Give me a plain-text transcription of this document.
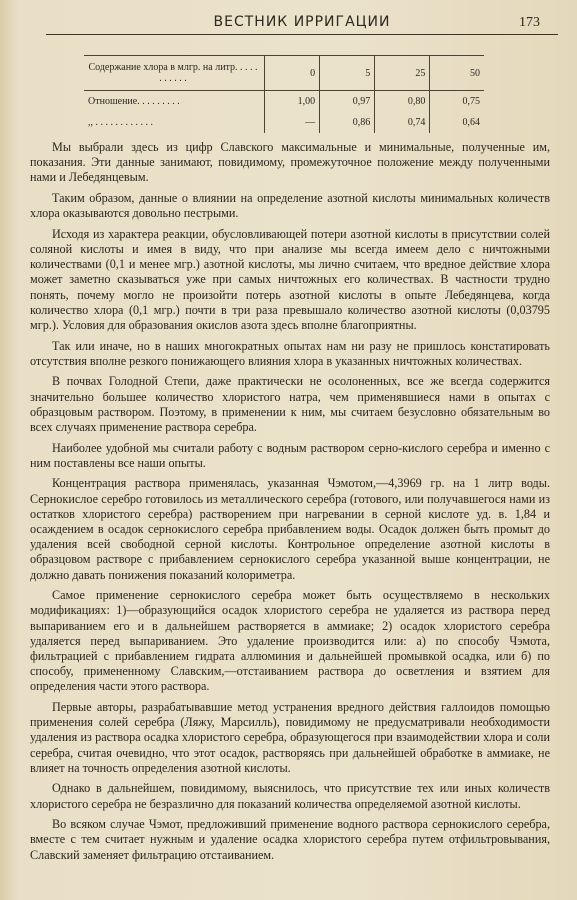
ВЕСТНИК ИРРИГАЦИИ	173
Содержание хлора в млгр. на литр. . . . . . . . . . .	0	5	25	50
Отношение. . . . . . . . .	1,00	0,97	0,80	0,75
,, . . . . . . . . . . . .	—	0,86	0,74	0,64

Мы выбрали здесь из цифр Славского максимальные и минимальные, полученные им, показания. Эти данные занимают, повидимому, промежуточное положение между полученными нами и Лебедянцевым.

Таким образом, данные о влиянии на определение азотной кислоты минимальных количеств хлора оказываются довольно пестрыми.

Исходя из характера реакции, обусловливающей потери азотной кислоты в присутствии солей соляной кислоты и имея в виду, что при анализе мы всегда имеем дело с ничтожными количествами (0,1 и менее мгр.) азотной кислоты, мы лично считаем, что вредное действие хлора может заметно сказываться уже при самых ничтожных его количествах. В частности трудно понять, почему могло не произойти потерь азотной кислоты в опыте Лебедянцева, когда количество хлора (0,1 мгр.) почти в три раза превышало количество азотной кислоты (0,03795 мгр.). Условия для образования окислов азота здесь вполне благоприятны.

Так или иначе, но в наших многократных опытах нам ни разу не пришлось констатировать отсутствия вполне резкого понижающего влияния хлора в указанных ничтожных количествах.

В почвах Голодной Степи, даже практически не осолоненных, все же всегда содержится значительно большее количество хлористого натра, чем применявшиеся нами в опытах с образцовым раствором. Поэтому, в применении к ним, мы считаем безусловно обязательным во всех случаях применение раствора серебра.

Наиболее удобной мы считали работу с водным раствором серно-кислого серебра и именно с ним поставлены все наши опыты.

Концентрация раствора применялась, указанная Чэмотом,—4,3969 гр. на 1 литр воды. Сернокислое серебро готовилось из металлического серебра (готового, или получавшегося нами из остатков хлористого серебра) растворением при нагревании в серной кислоте уд. в. 1,84 и осаждением в осадок сернокислого серебра прибавлением воды. Осадок должен быть промыт до удаления всей свободной серной кислоты. Контрольное определение азотной кислоты в образцовом растворе с прибавлением сернокислого серебра указанной выше концентрации, не должно давать понижения показаний колориметра.

Самое применение сернокислого серебра может быть осуществляемо в нескольких модификациях: 1)—образующийся осадок хлористого серебра не удаляется из раствора перед выпариванием его и в дальнейшем растворяется в аммиаке; 2) осадок хлористого серебра удаляется перед выпариванием. Это удаление производится или: а) по способу Чэмота, фильтрацией с прибавлением гидрата аллюминия и дальнейшей промывкой осадка, или б) по способу, примененному Славским,—отстаиванием раствора до осветления и взятием для определения части этого раствора.

Первые авторы, разрабатывавшие метод устранения вредного действия галлоидов помощью применения солей серебра (Ляжу, Марсилль), повидимому не предусматривали необходимости удаления из раствора осадка хлористого серебра, образующегося при взаимодействии хлора и соли серебра, считая очевидно, что этот осадок, растворяясь при дальнейшей обработке в аммиаке, не влияет на точность определения азотной кислоты.

Однако в дальнейшем, повидимому, выяснилось, что присутствие тех или иных количеств хлористого серебра не безразлично для показаний количества определяемой азотной кислоты.

Во всяком случае Чэмот, предложивший применение водного раствора сернокислого серебра, вместе с тем считает нужным и удаление осадка хлористого серебра путем отфильтровывания, Славский заменяет фильтрацию отстаиванием.
